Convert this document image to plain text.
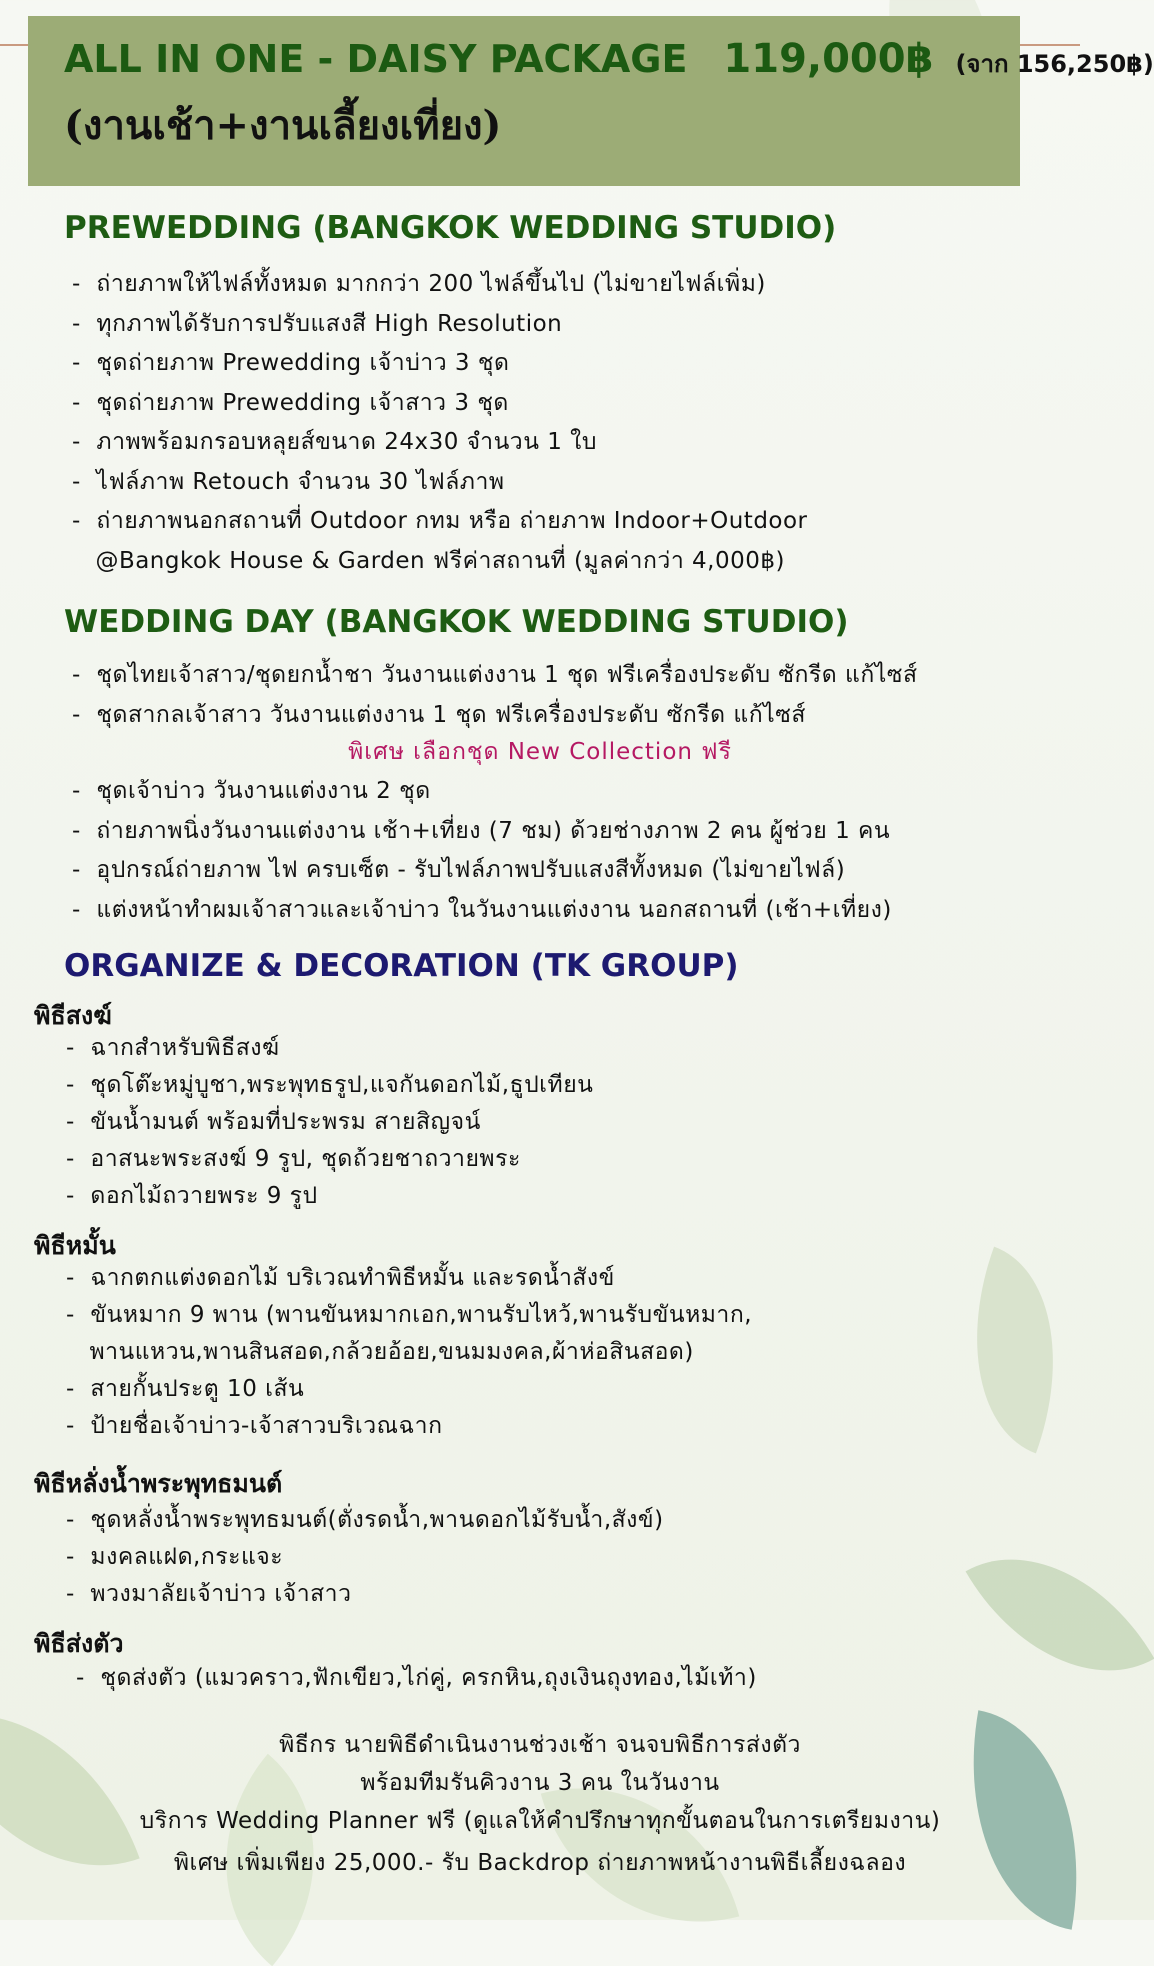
ALL IN ONE - DAISY PACKAGE 119,000฿ (จาก 156,250฿)
(งานเช้า+งานเลี้ยงเที่ยง)
PREWEDDING (BANGKOK WEDDING STUDIO)
-  ถ่ายภาพให้ไฟล์ทั้งหมด มากกว่า 200 ไฟล์ขึ้นไป (ไม่ขายไฟล์เพิ่ม)
-  ทุกภาพได้รับการปรับแสงสี High Resolution
-  ชุดถ่ายภาพ Prewedding เจ้าบ่าว 3 ชุด
-  ชุดถ่ายภาพ Prewedding เจ้าสาว 3 ชุด
-  ภาพพร้อมกรอบหลุยส์ขนาด 24x30 จำนวน 1 ใบ
-  ไฟล์ภาพ Retouch จำนวน 30 ไฟล์ภาพ
-  ถ่ายภาพนอกสถานที่ Outdoor กทม หรือ ถ่ายภาพ Indoor+Outdoor
@Bangkok House & Garden ฟรีค่าสถานที่ (มูลค่ากว่า 4,000฿)
WEDDING DAY (BANGKOK WEDDING STUDIO)
-  ชุดไทยเจ้าสาว/ชุดยกน้ำชา วันงานแต่งงาน 1 ชุด ฟรีเครื่องประดับ ซักรีด แก้ไซส์
-  ชุดสากลเจ้าสาว วันงานแต่งงาน 1 ชุด ฟรีเครื่องประดับ ซักรีด แก้ไซส์
พิเศษ เลือกชุด New Collection ฟรี
-  ชุดเจ้าบ่าว วันงานแต่งงาน 2 ชุด
-  ถ่ายภาพนิ่งวันงานแต่งงาน เช้า+เที่ยง (7 ชม) ด้วยช่างภาพ 2 คน ผู้ช่วย 1 คน
-  อุปกรณ์ถ่ายภาพ ไฟ ครบเซ็ต - รับไฟล์ภาพปรับแสงสีทั้งหมด (ไม่ขายไฟล์)
-  แต่งหน้าทำผมเจ้าสาวและเจ้าบ่าว ในวันงานแต่งงาน นอกสถานที่ (เช้า+เที่ยง)
ORGANIZE & DECORATION (TK GROUP)
พิธีสงฆ์
-  ฉากสำหรับพิธีสงฆ์
-  ชุดโต๊ะหมู่บูชา,พระพุทธรูป,แจกันดอกไม้,ธูปเทียน
-  ขันน้ำมนต์ พร้อมที่ประพรม สายสิญจน์
-  อาสนะพระสงฆ์ 9 รูป, ชุดถ้วยชาถวายพระ
-  ดอกไม้ถวายพระ 9 รูป
พิธีหมั้น
-  ฉากตกแต่งดอกไม้ บริเวณทำพิธีหมั้น และรดน้ำสังข์
-  ขันหมาก 9 พาน (พานขันหมากเอก,พานรับไหว้,พานรับขันหมาก,
พานแหวน,พานสินสอด,กล้วยอ้อย,ขนมมงคล,ผ้าห่อสินสอด)
-  สายกั้นประตู 10 เส้น
-  ป้ายชื่อเจ้าบ่าว-เจ้าสาวบริเวณฉาก
พิธีหลั่งน้ำพระพุทธมนต์
-  ชุดหลั่งน้ำพระพุทธมนต์(ตั่งรดน้ำ,พานดอกไม้รับน้ำ,สังข์)
-  มงคลแฝด,กระแจะ
-  พวงมาลัยเจ้าบ่าว เจ้าสาว
พิธีส่งตัว
-  ชุดส่งตัว (แมวคราว,ฟักเขียว,ไก่คู่, ครกหิน,ถุงเงินถุงทอง,ไม้เท้า)
พิธีกร นายพิธีดำเนินงานช่วงเช้า จนจบพิธีการส่งตัว
พร้อมทีมรันคิวงาน 3 คน ในวันงาน
บริการ Wedding Planner ฟรี (ดูแลให้คำปรึกษาทุกขั้นตอนในการเตรียมงาน)
พิเศษ เพิ่มเพียง 25,000.- รับ Backdrop ถ่ายภาพหน้างานพิธีเลี้ยงฉลอง
